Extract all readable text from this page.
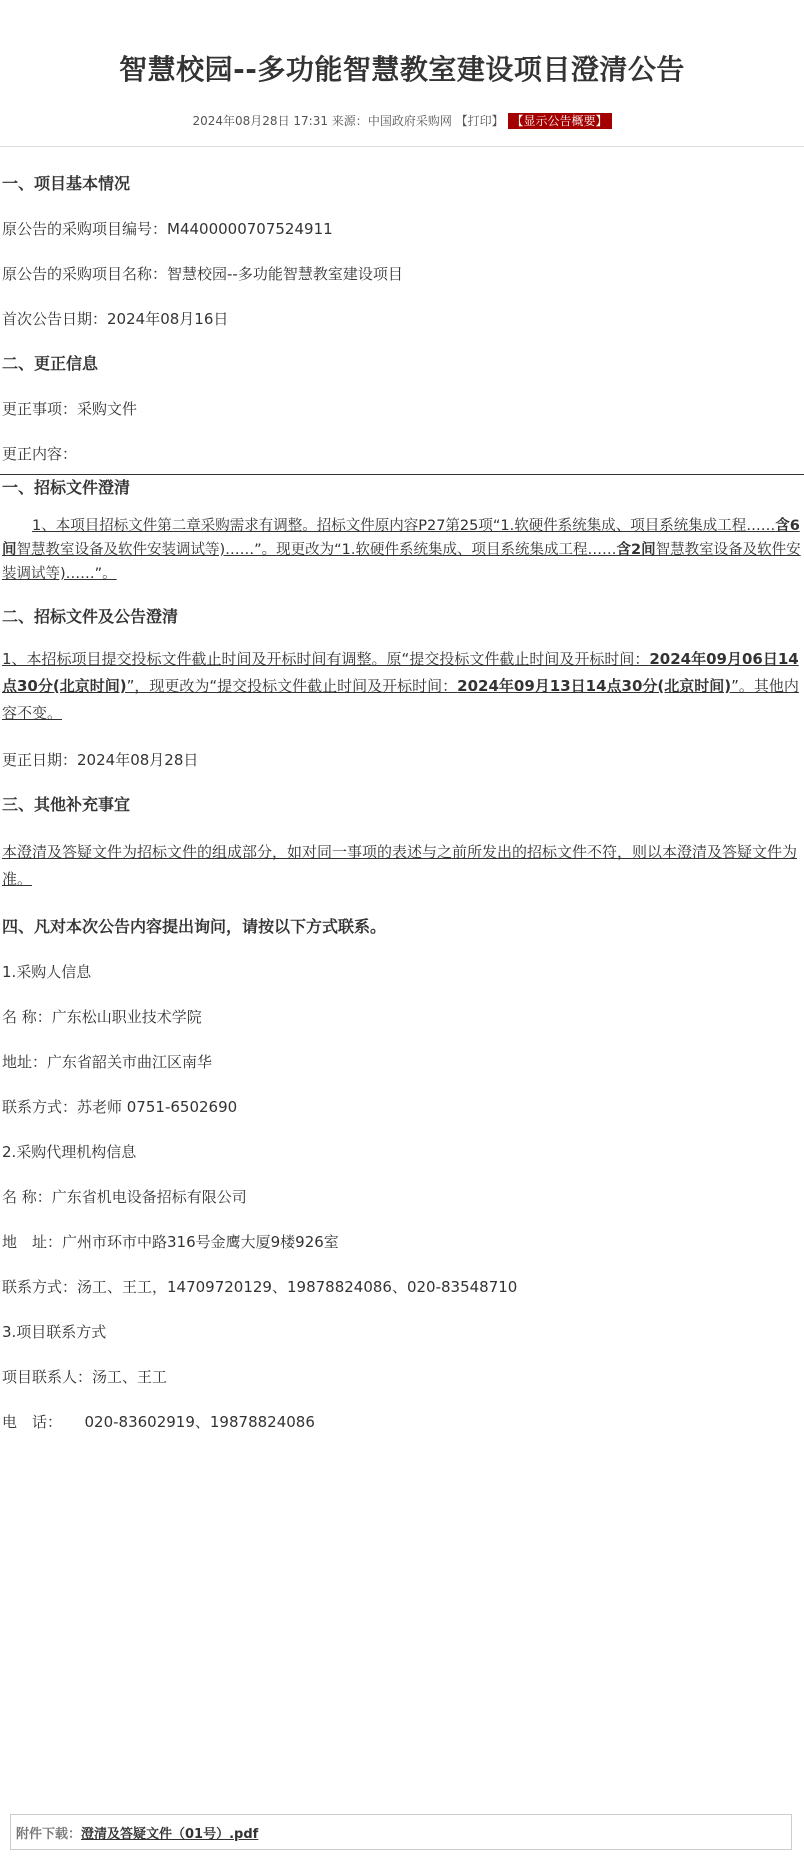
智慧校园--多功能智慧教室建设项目澄清公告
2024年08月28日 17:31 来源：中国政府采购网 【打印】 【显示公告概要】

一、项目基本情况

原公告的采购项目编号：M4400000707524911

原公告的采购项目名称：智慧校园--多功能智慧教室建设项目

首次公告日期：2024年08月16日

二、更正信息

更正事项：采购文件

更正内容：

一、招标文件澄清

1、本项目招标文件第二章采购需求有调整。招标文件原内容P27第25项“1.软硬件系统集成、项目系统集成工程……含6间智慧教室设备及软件安装调试等)……”。现更改为“1.软硬件系统集成、项目系统集成工程……含2间智慧教室设备及软件安装调试等)……”。

二、招标文件及公告澄清

1、本招标项目提交投标文件截止时间及开标时间有调整。原“提交投标文件截止时间及开标时间：2024年09月06日14点30分(北京时间)”，现更改为“提交投标文件截止时间及开标时间：2024年09月13日14点30分(北京时间)”。其他内容不变。

更正日期：2024年08月28日

三、其他补充事宜

本澄清及答疑文件为招标文件的组成部分，如对同一事项的表述与之前所发出的招标文件不符，则以本澄清及答疑文件为准。

四、凡对本次公告内容提出询问，请按以下方式联系。

1.采购人信息

名 称：广东松山职业技术学院

地址：广东省韶关市曲江区南华

联系方式：苏老师 0751-6502690

2.采购代理机构信息

名 称：广东省机电设备招标有限公司

地　址：广州市环市中路316号金鹰大厦9楼926室

联系方式：汤工、王工，14709720129、19878824086、020-83548710

3.项目联系方式

项目联系人：汤工、王工

电　话：　　020-83602919、19878824086

附件下载： 澄清及答疑文件（01号）.pdf
